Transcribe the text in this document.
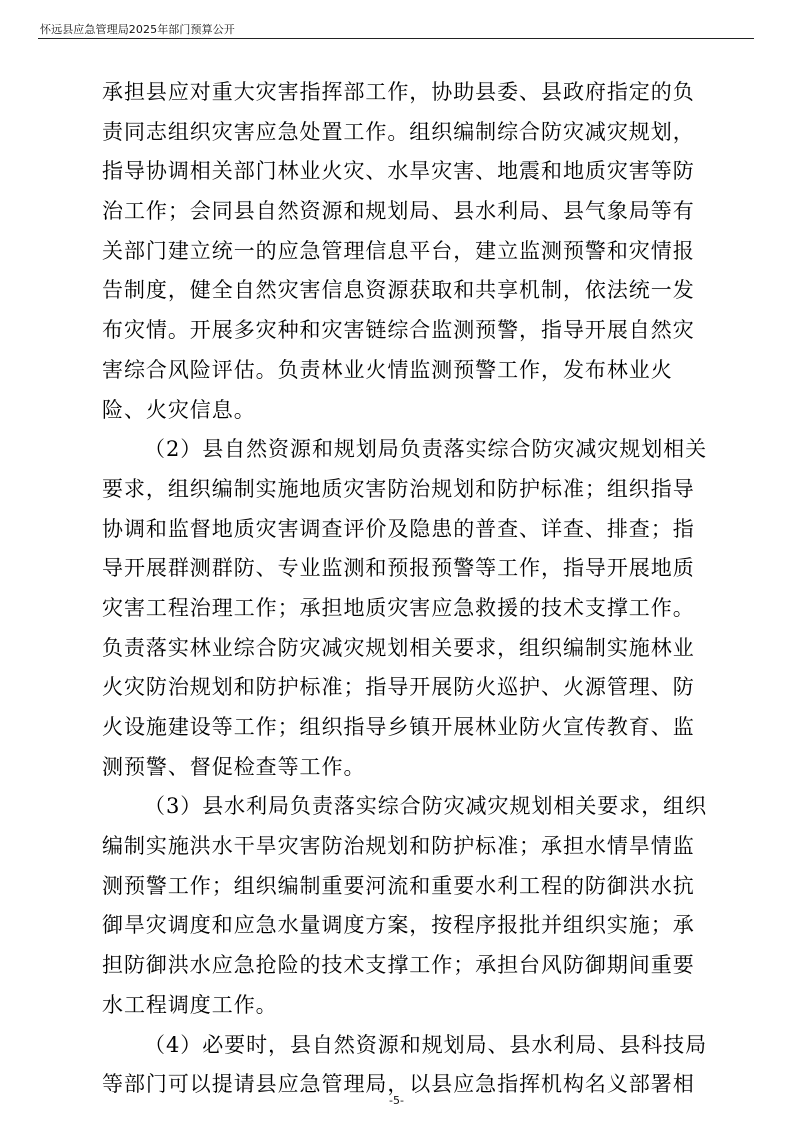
怀远县应急管理局2025年部门预算公开
承担县应对重大灾害指挥部工作，协助县委、县政府指定的负
责同志组织灾害应急处置工作。组织编制综合防灾减灾规划，
指导协调相关部门林业火灾、水旱灾害、地震和地质灾害等防
治工作；会同县自然资源和规划局、县水利局、县气象局等有
关部门建立统一的应急管理信息平台，建立监测预警和灾情报
告制度，健全自然灾害信息资源获取和共享机制，依法统一发
布灾情。开展多灾种和灾害链综合监测预警，指导开展自然灾
害综合风险评估。负责林业火情监测预警工作，发布林业火
险、火灾信息。
（2）县自然资源和规划局负责落实综合防灾减灾规划相关
要求，组织编制实施地质灾害防治规划和防护标准；组织指导
协调和监督地质灾害调查评价及隐患的普查、详查、排查；指
导开展群测群防、专业监测和预报预警等工作，指导开展地质
灾害工程治理工作；承担地质灾害应急救援的技术支撑工作。
负责落实林业综合防灾减灾规划相关要求，组织编制实施林业
火灾防治规划和防护标准；指导开展防火巡护、火源管理、防
火设施建设等工作；组织指导乡镇开展林业防火宣传教育、监
测预警、督促检查等工作。
（3）县水利局负责落实综合防灾减灾规划相关要求，组织
编制实施洪水干旱灾害防治规划和防护标准；承担水情旱情监
测预警工作；组织编制重要河流和重要水利工程的防御洪水抗
御旱灾调度和应急水量调度方案，按程序报批并组织实施；承
担防御洪水应急抢险的技术支撑工作；承担台风防御期间重要
水工程调度工作。
（4）必要时，县自然资源和规划局、县水利局、县科技局
等部门可以提请县应急管理局，以县应急指挥机构名义部署相
-5-
